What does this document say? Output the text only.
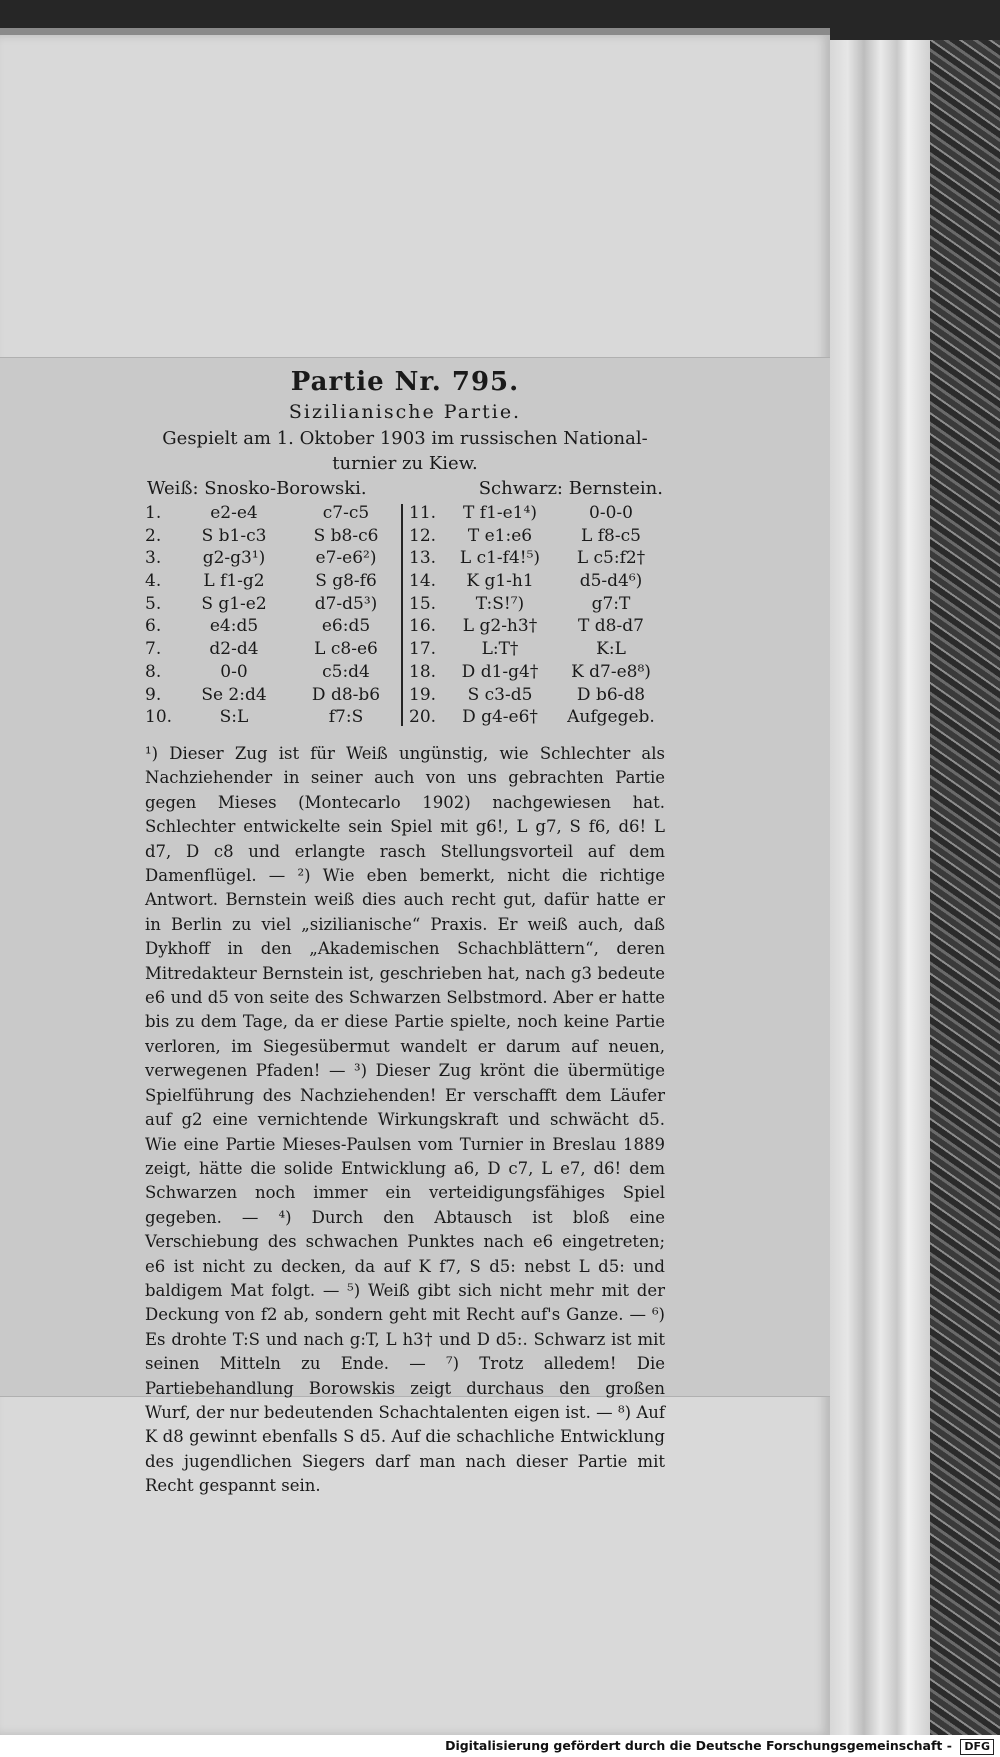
Partie Nr. 795.
Sizilianische Partie.
Gespielt am 1. Oktober 1903 im russischen National-turnier zu Kiew.
Weiß: Snosko-Borowski.	Schwarz: Bernstein.
1.	e2-e4	c7-c5
2.	S b1-c3	S b8-c6
3.	g2-g3¹)	e7-e6²)
4.	L f1-g2	S g8-f6
5.	S g1-e2	d7-d5³)
6.	e4:d5	e6:d5
7.	d2-d4	L c8-e6
8.	0-0	c5:d4
9.	Se 2:d4	D d8-b6
10.	S:L	f7:S
11.	T f1-e1⁴)	0-0-0
12.	T e1:e6	L f8-c5
13.	L c1-f4!⁵)	L c5:f2†
14.	K g1-h1	d5-d4⁶)
15.	T:S!⁷)	g7:T
16.	L g2-h3†	T d8-d7
17.	L:T†	K:L
18.	D d1-g4†	K d7-e8⁸)
19.	S c3-d5	D b6-d8
20.	D g4-e6†	Aufgegeb.
¹) Dieser Zug ist für Weiß ungünstig, wie Schlechter als Nachziehender in seiner auch von uns gebrachten Partie gegen Mieses (Montecarlo 1902) nachgewiesen hat. Schlechter entwickelte sein Spiel mit g6!, L g7, S f6, d6! L d7, D c8 und erlangte rasch Stellungsvorteil auf dem Damenflügel. — ²) Wie eben bemerkt, nicht die richtige Antwort. Bernstein weiß dies auch recht gut, dafür hatte er in Berlin zu viel „sizilianische“ Praxis. Er weiß auch, daß Dykhoff in den „Akademischen Schachblättern“, deren Mitredakteur Bernstein ist, geschrieben hat, nach g3 bedeute e6 und d5 von seite des Schwarzen Selbstmord. Aber er hatte bis zu dem Tage, da er diese Partie spielte, noch keine Partie verloren, im Siegesübermut wandelt er darum auf neuen, verwegenen Pfaden! — ³) Dieser Zug krönt die übermütige Spielführung des Nachziehenden! Er verschafft dem Läufer auf g2 eine vernichtende Wirkungskraft und schwächt d5. Wie eine Partie Mieses-Paulsen vom Turnier in Breslau 1889 zeigt, hätte die solide Entwicklung a6, D c7, L e7, d6! dem Schwarzen noch immer ein verteidigungsfähiges Spiel gegeben. — ⁴) Durch den Abtausch ist bloß eine Verschiebung des schwachen Punktes nach e6 eingetreten; e6 ist nicht zu decken, da auf K f7, S d5: nebst L d5: und baldigem Mat folgt. — ⁵) Weiß gibt sich nicht mehr mit der Deckung von f2 ab, sondern geht mit Recht auf's Ganze. — ⁶) Es drohte T:S und nach g:T, L h3† und D d5:. Schwarz ist mit seinen Mitteln zu Ende. — ⁷) Trotz alledem! Die Partiebehandlung Borowskis zeigt durchaus den großen Wurf, der nur bedeutenden Schachtalenten eigen ist. — ⁸) Auf K d8 gewinnt ebenfalls S d5. Auf die schachliche Entwicklung des jugendlichen Siegers darf man nach dieser Partie mit Recht gespannt sein.
Digitalisierung gefördert durch die Deutsche Forschungsgemeinschaft - DFG
